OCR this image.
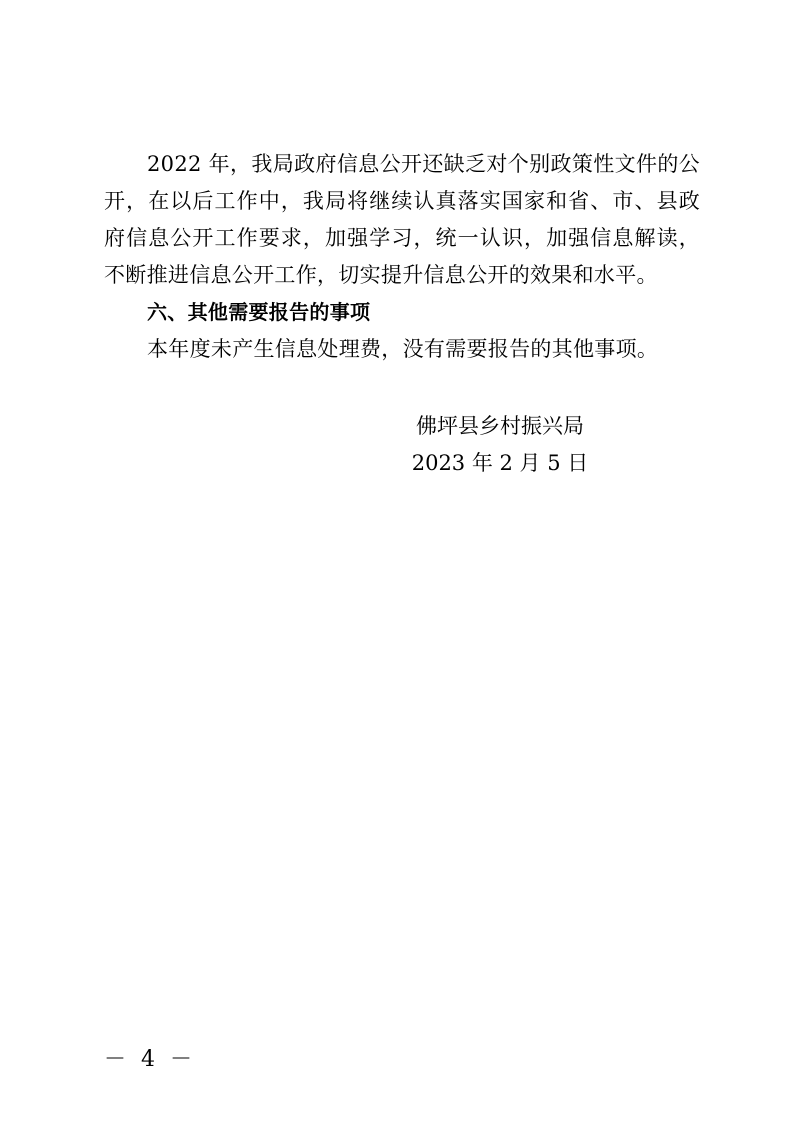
2022 年，我局政府信息公开还缺乏对个别政策性文件的公开，在以后工作中，我局将继续认真落实国家和省、市、县政府信息公开工作要求，加强学习，统一认识，加强信息解读，不断推进信息公开工作，切实提升信息公开的效果和水平。

六、其他需要报告的事项

本年度未产生信息处理费，没有需要报告的其他事项。

佛坪县乡村振兴局
2023 年 2 月 5 日
－ 4 －
